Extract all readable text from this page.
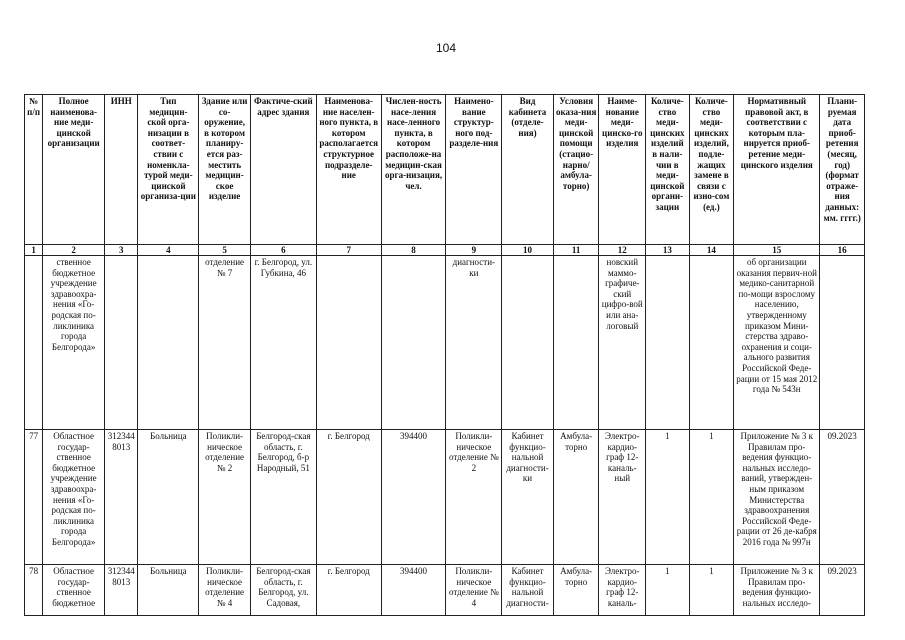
104
№ п/п	Полное наименова-ние меди-цинской организации	ИНН	Тип медицин-ской орга-низации в соответ-ствии с номенкла-турой меди-цинской организа-ции	Здание или со-оружение, в котором планиру-ется раз-местить медицин-ское изделие	Фактиче-ский адрес здания	Наименова-ние населен-ного пункта, в котором располагается структурное подразделе-ние	Числен-ность насе-ления насе-ленного пункта, в котором расположе-на медицин-ская орга-низация, чел.	Наимено-вание структур-ного под-разделе-ния	Вид кабинета (отделе-ния)	Условия оказа-ния меди-цинской помощи (стацио-нарно/ амбула-торно)	Наиме-нование меди-цинско-го изделия	Количе-ство меди-цинских изделий в нали-чии в меди-цинской органи-зации	Количе-ство меди-цинских изделий, подле-жащих замене в связи с изно-сом (ед.)	Нормативный правовой акт, в соответствии с которым пла-нируется приоб-ретение меди-цинского изделия	Плани-руемая дата приоб-ретения (месяц, год) (формат отраже-ния данных: мм. гггг.)
1	2	3	4	5	6	7	8	9	10	11	12	13	14	15	16
	ственное бюджетное учреждение здравоохра-нения «Го-родская по-ликлиника города Белгорода»			отделение № 7	г. Белгород, ул. Губкина, 46			диагности-ки			новский маммо-графиче-ский цифро-вой или ана-логовый			об организации оказания первич-ной медико-санитарной по-мощи взрослому населению, утвержденному приказом Мини-стерства здраво-охранения и соци-ального развития Российской Феде-рации от 15 мая 2012 года № 543н	
77	Областное государ-ственное бюджетное учреждение здравоохра-нения «Го-родская по-ликлиника города Белгорода»	312344 8013	Больница	Поликли-ническое отделение № 2	Белгород-ская область, г. Белгород, б-р Народный, 51	г. Белгород	394400	Поликли-ническое отделение № 2	Кабинет функцио-нальной диагности-ки	Амбула-торно	Электро-кардио-граф 12-каналь-ный	1	1	Приложение № 3 к Правилам про-ведения функцио-нальных исследо-ваний, утвержден-ным приказом Министерства здравоохранения Российской Феде-рации от 26 де-кабря 2016 года № 997н	09.2023
78	Областное государ-ственное бюджетное	312344 8013	Больница	Поликли-ническое отделение № 4	Белгород-ская область, г. Белгород, ул. Садовая,	г. Белгород	394400	Поликли-ническое отделение № 4	Кабинет функцио-нальной диагности-	Амбула-торно	Электро-кардио-граф 12-каналь-	1	1	Приложение № 3 к Правилам про-ведения функцио-нальных исследо-	09.2023
